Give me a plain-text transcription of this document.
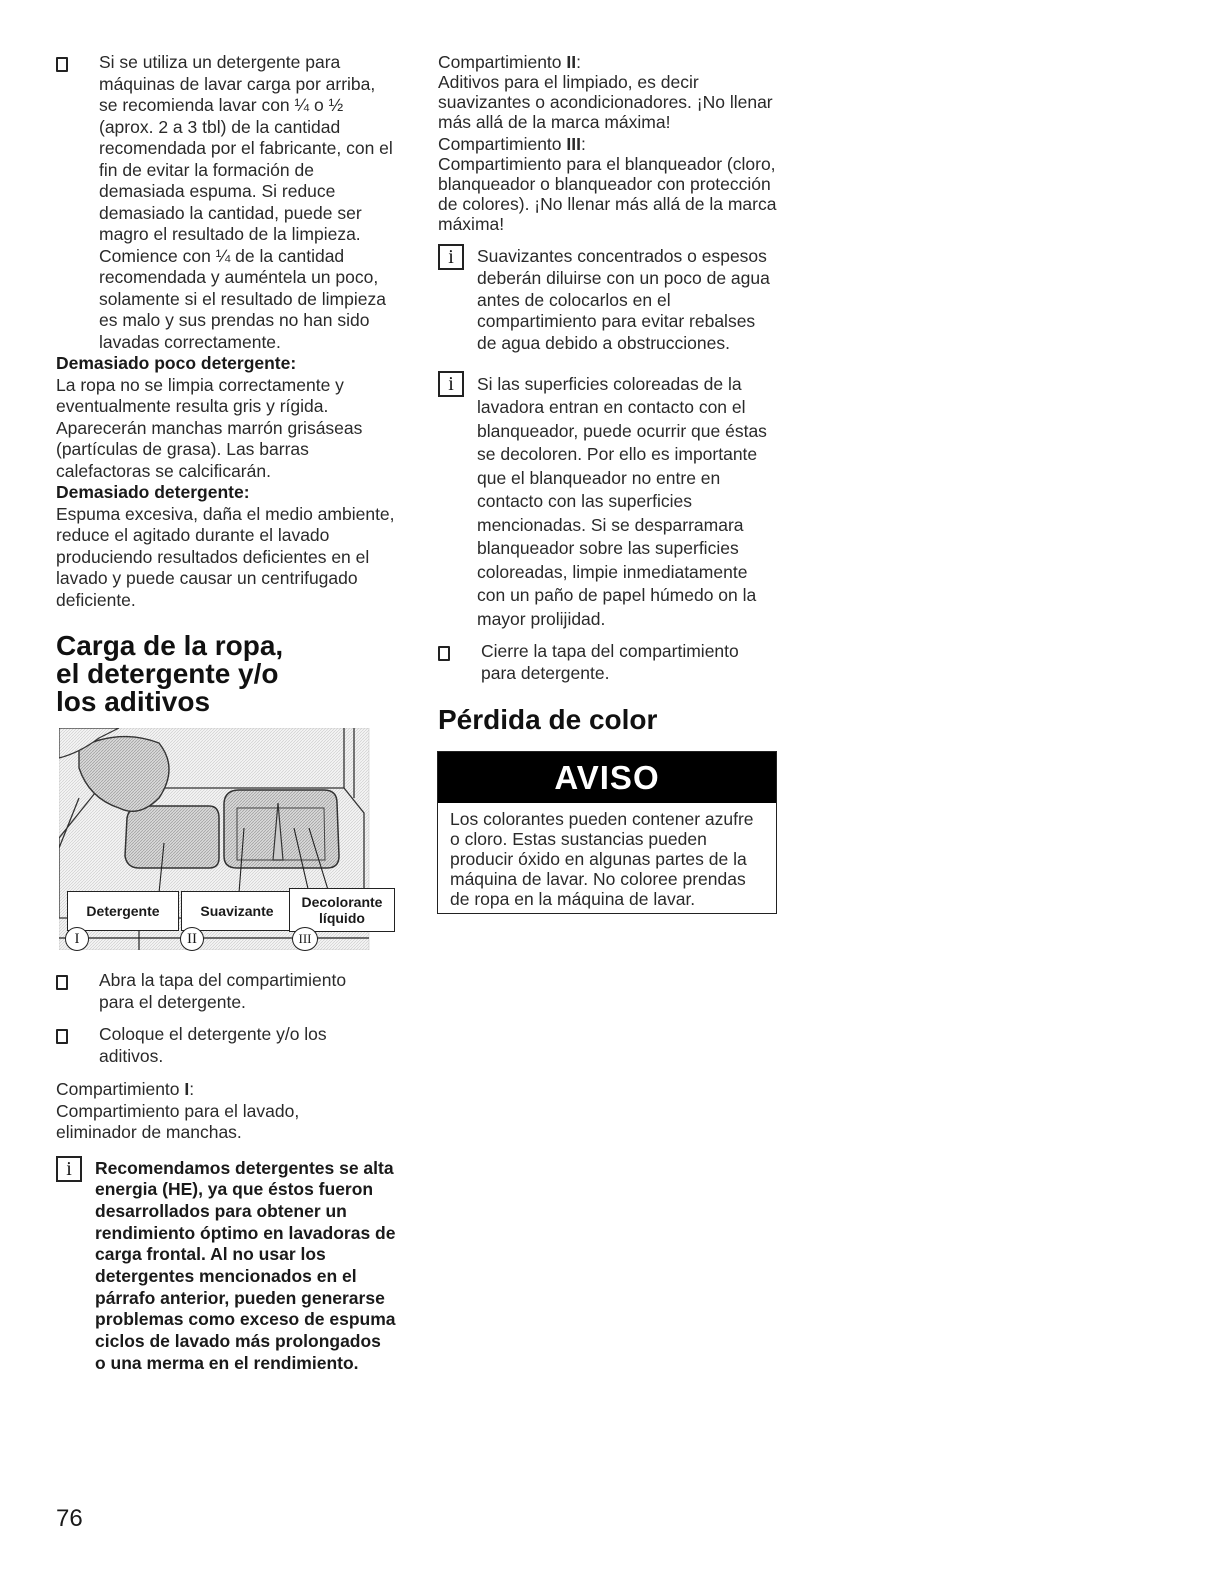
Si se utiliza un detergente para máquinas de lavar carga por arriba, se recomienda lavar con ¼ o ½ (aprox. 2 a 3 tbl) de la cantidad recomendada por el fabricante, con el fin de evitar la formación de demasiada espuma. Si reduce demasiado la cantidad, puede ser magro el resultado de la limpieza. Comience con ¼ de la cantidad recomendada y auméntela un poco, solamente si el resultado de limpieza es malo y sus prendas no han sido lavadas correctamente.

Demasiado poco detergente:

La ropa no se limpia correctamente y eventualmente resulta gris y rígida. Aparecerán manchas marrón grisáseas (partículas de grasa). Las barras calefactoras se calcificarán.

Demasiado detergente:

Espuma excesiva, daña el medio ambiente, reduce el agitado durante el lavado produciendo resultados deficientes en el lavado y puede causar un centrifugado deficiente.

Carga de la ropa,

el detergente y/o

los aditivos

Detergente	Suavizante
Decolorante
líquido
I	II	III

Abra la tapa del compartimiento para el detergente.

Coloque el detergente y/o los aditivos.

Compartimiento I:

Compartimiento para el lavado, eliminador de manchas.

i	Recomendamos detergentes se alta energia (HE), ya que éstos fueron desarrollados para obtener un rendimiento óptimo en lavadoras de carga frontal. Al no usar los detergentes mencionados en el párrafo anterior, pueden generarse problemas como exceso de espuma ciclos de lavado más prolongados o una merma en el rendimiento.

Compartimiento II:

Aditivos para el limpiado, es decir suavizantes o acondicionadores. ¡No llenar más allá de la marca máxima!

Compartimiento III:

Compartimiento para el blanqueador (cloro, blanqueador o blanqueador con protección de colores). ¡No llenar más allá de la marca máxima!

i	Suavizantes concentrados o espesos deberán diluirse con un poco de agua antes de colocarlos en el compartimiento para evitar rebalses de agua debido a obstrucciones.

i	Si las superficies coloreadas de la lavadora entran en contacto con el blanqueador, puede ocurrir que éstas se decoloren. Por ello es importante que el blanqueador no entre en contacto con las superficies mencionadas. Si se desparramara blanqueador sobre las superficies coloreadas, limpie inmediatamente con un paño de papel húmedo on la mayor prolijidad.

Cierre la tapa del compartimiento para detergente.

Pérdida de color

AVISO

Los colorantes pueden contener azufre o cloro. Estas sustancias pueden producir óxido en algunas partes de la máquina de lavar. No coloree prendas de ropa en la máquina de lavar.

76
